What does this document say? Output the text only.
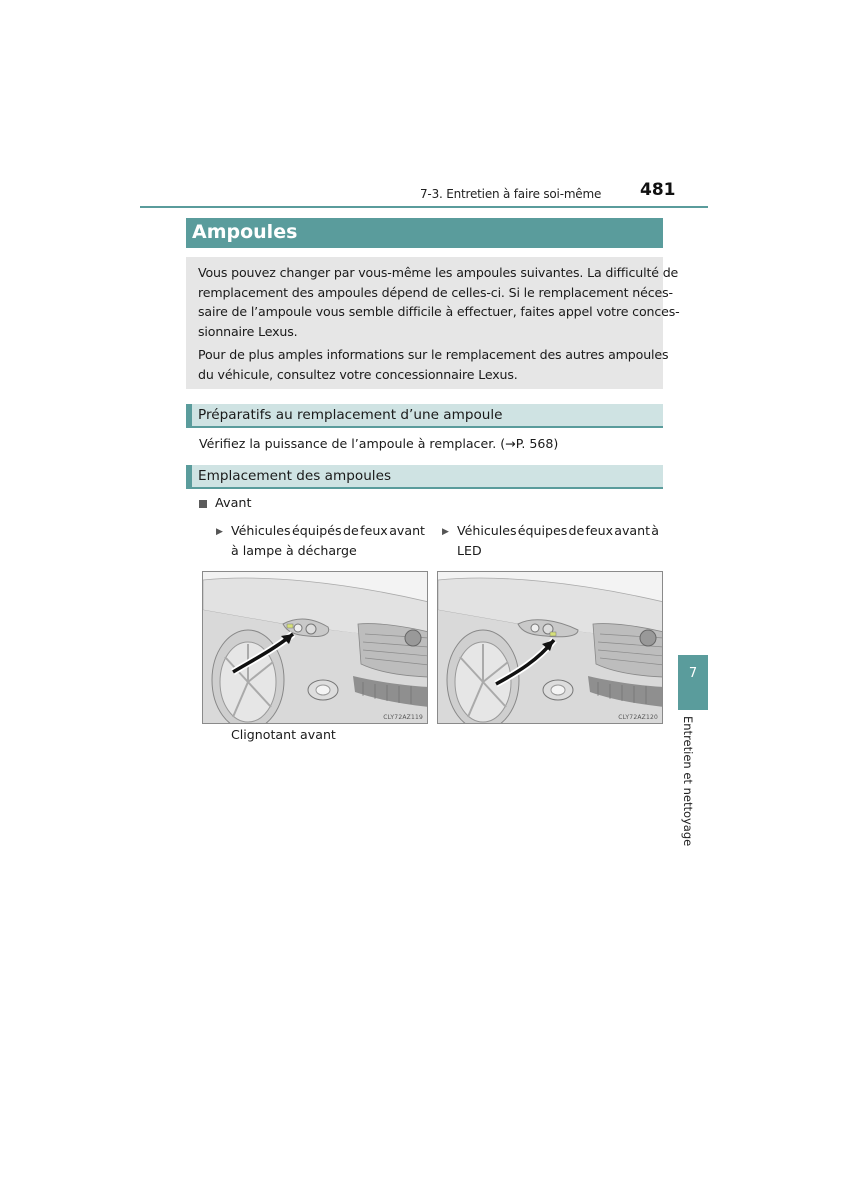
7-3. Entretien à faire soi-même 481
Ampoules
Vous pouvez changer par vous-même les ampoules suivantes. La difficulté de
remplacement des ampoules dépend de celles-ci. Si le remplacement néces-
saire de l’ampoule vous semble difficile à effectuer, faites appel votre conces-
sionnaire Lexus.
Pour de plus amples informations sur le remplacement des autres ampoules
du véhicule, consultez votre concessionnaire Lexus.
Préparatifs au remplacement d’une ampoule
Vérifiez la puissance de l’ampoule à remplacer. (→P. 568)
Emplacement des ampoules
Avant
▶ Véhicules équipés de feux avant
à lampe à décharge
▶ Véhicules équipes de feux avant à
LED
CLY72AZ119	CLY72AZ120
Clignotant avant
7
Entretien et nettoyage
